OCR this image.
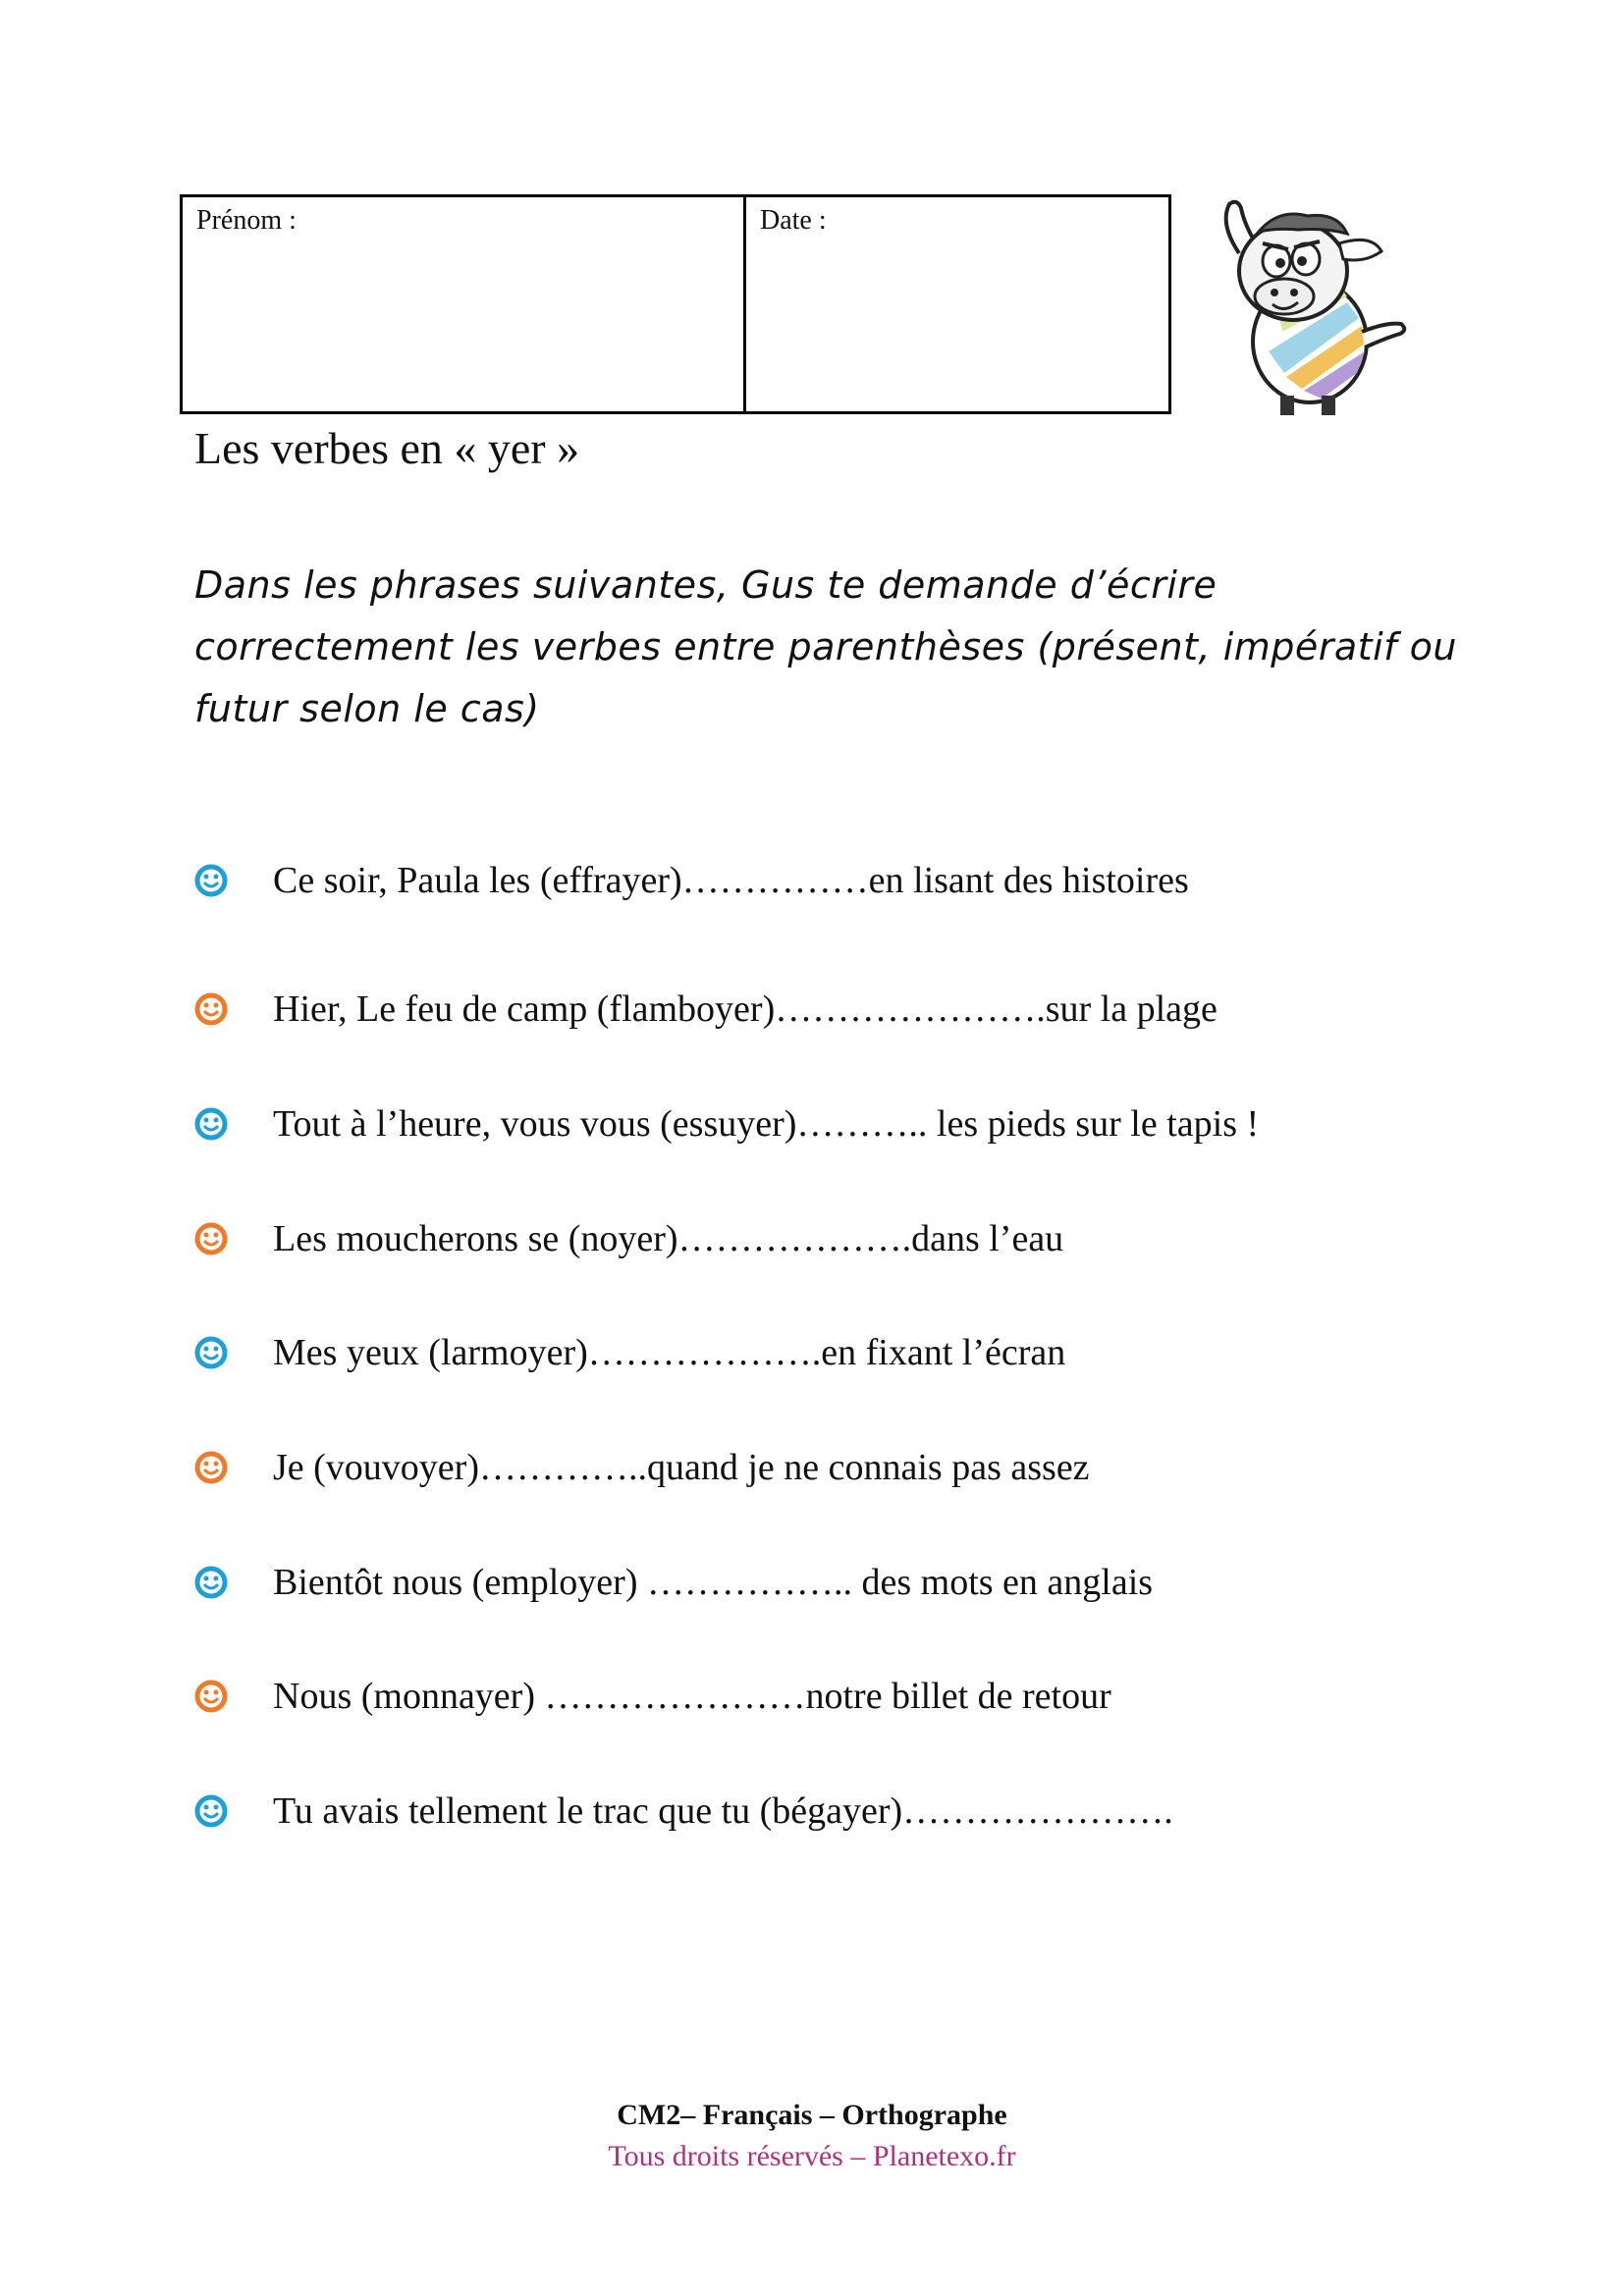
Prénom :	Date :
Les verbes en « yer »

Dans les phrases suivantes, Gus te demande d’écrire correctement les verbes entre parenthèses (présent, impératif ou futur selon le cas)

Ce soir, Paula les (effrayer)……………en lisant des histoires
Hier, Le feu de camp (flamboyer)………………….sur la plage
Tout à l’heure, vous vous (essuyer)……….. les pieds sur le tapis !
Les moucherons se (noyer)……………….dans l’eau
Mes yeux (larmoyer)……………….en fixant l’écran
Je (vouvoyer)…………..quand je ne connais pas assez
Bientôt nous (employer) …………….. des mots en anglais
Nous (monnayer) …………………notre billet de retour
Tu avais tellement le trac que tu (bégayer)………………….
CM2– Français – Orthographe
Tous droits réservés – Planetexo.fr
